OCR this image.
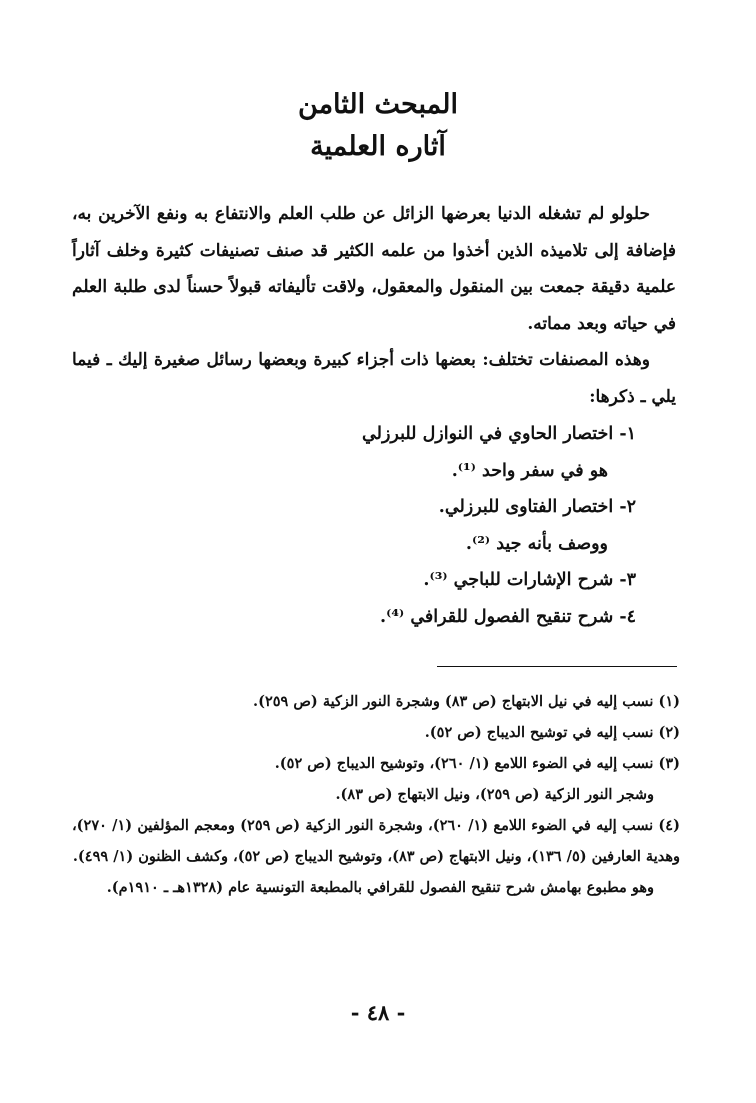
المبحث الثامن
آثاره العلمية

حلولو لم تشغله الدنيا بعرضها الزائل عن طلب العلم والانتفاع به ونفع الآخرين به، فإضافة إلى تلاميذه الذين أخذوا من علمه الكثير قد صنف تصنيفات كثيرة وخلف آثاراً علمية دقيقة جمعت بين المنقول والمعقول، ولاقت تأليفاته قبولاً حسناً لدى طلبة العلم في حياته وبعد مماته.

وهذه المصنفات تختلف: بعضها ذات أجزاء كبيرة وبعضها رسائل صغيرة إليك ـ فيما يلي ـ ذكرها:

١- اختصار الحاوي في النوازل للبرزلي
هو في سفر واحد ⁽¹⁾.
٢- اختصار الفتاوى للبرزلي.
ووصف بأنه جيد ⁽²⁾.
٣- شرح الإشارات للباجي ⁽³⁾.
٤- شرح تنقيح الفصول للقرافي ⁽⁴⁾.

(١) نسب إليه في نيل الابتهاج (ص ٨٣) وشجرة النور الزكية (ص ٢٥٩).

(٢) نسب إليه في توشيح الديباج (ص ٥٢).

(٣) نسب إليه في الضوء اللامع (١/ ٢٦٠)، وتوشيح الديباج (ص ٥٢).

وشجر النور الزكية (ص ٢٥٩)، ونيل الابتهاج (ص ٨٣).

(٤) نسب إليه في الضوء اللامع (١/ ٢٦٠)، وشجرة النور الزكية (ص ٢٥٩) ومعجم المؤلفين (١/ ٢٧٠)، وهدية العارفين (٥/ ١٣٦)، ونيل الابتهاج (ص ٨٣)، وتوشيح الديباج (ص ٥٢)، وكشف الظنون (١/ ٤٩٩).

وهو مطبوع بهامش شرح تنقيح الفصول للقرافي بالمطبعة التونسية عام (١٣٢٨هـ ـ ١٩١٠م).

- ٤٨ -
